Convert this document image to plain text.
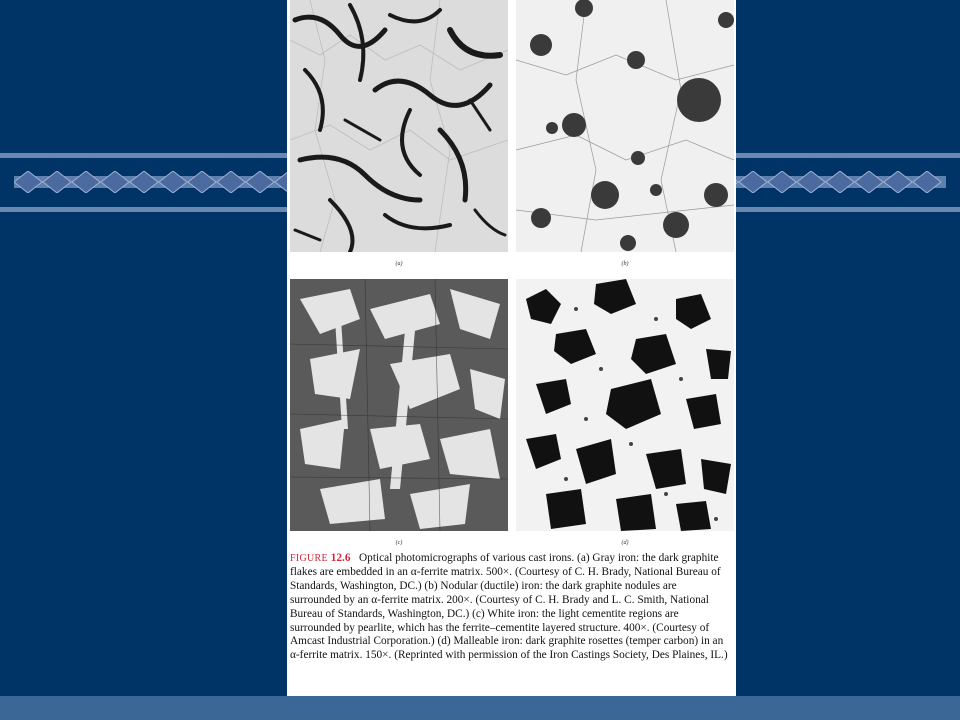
(a)	(b)
(c)	(d)
FIGURE 12.6 Optical photomicrographs of various cast irons. (a) Gray iron: the dark graphite flakes are embedded in an α-ferrite matrix. 500×. (Courtesy of C. H. Brady, National Bureau of Standards, Washington, DC.) (b) Nodular (ductile) iron: the dark graphite nodules are surrounded by an α-ferrite matrix. 200×. (Courtesy of C. H. Brady and L. C. Smith, National Bureau of Standards, Washington, DC.) (c) White iron: the light cementite regions are surrounded by pearlite, which has the ferrite–cementite layered structure. 400×. (Courtesy of Amcast Industrial Corporation.) (d) Malleable iron: dark graphite rosettes (temper carbon) in an α-ferrite matrix. 150×. (Reprinted with permission of the Iron Castings Society, Des Plaines, IL.)
